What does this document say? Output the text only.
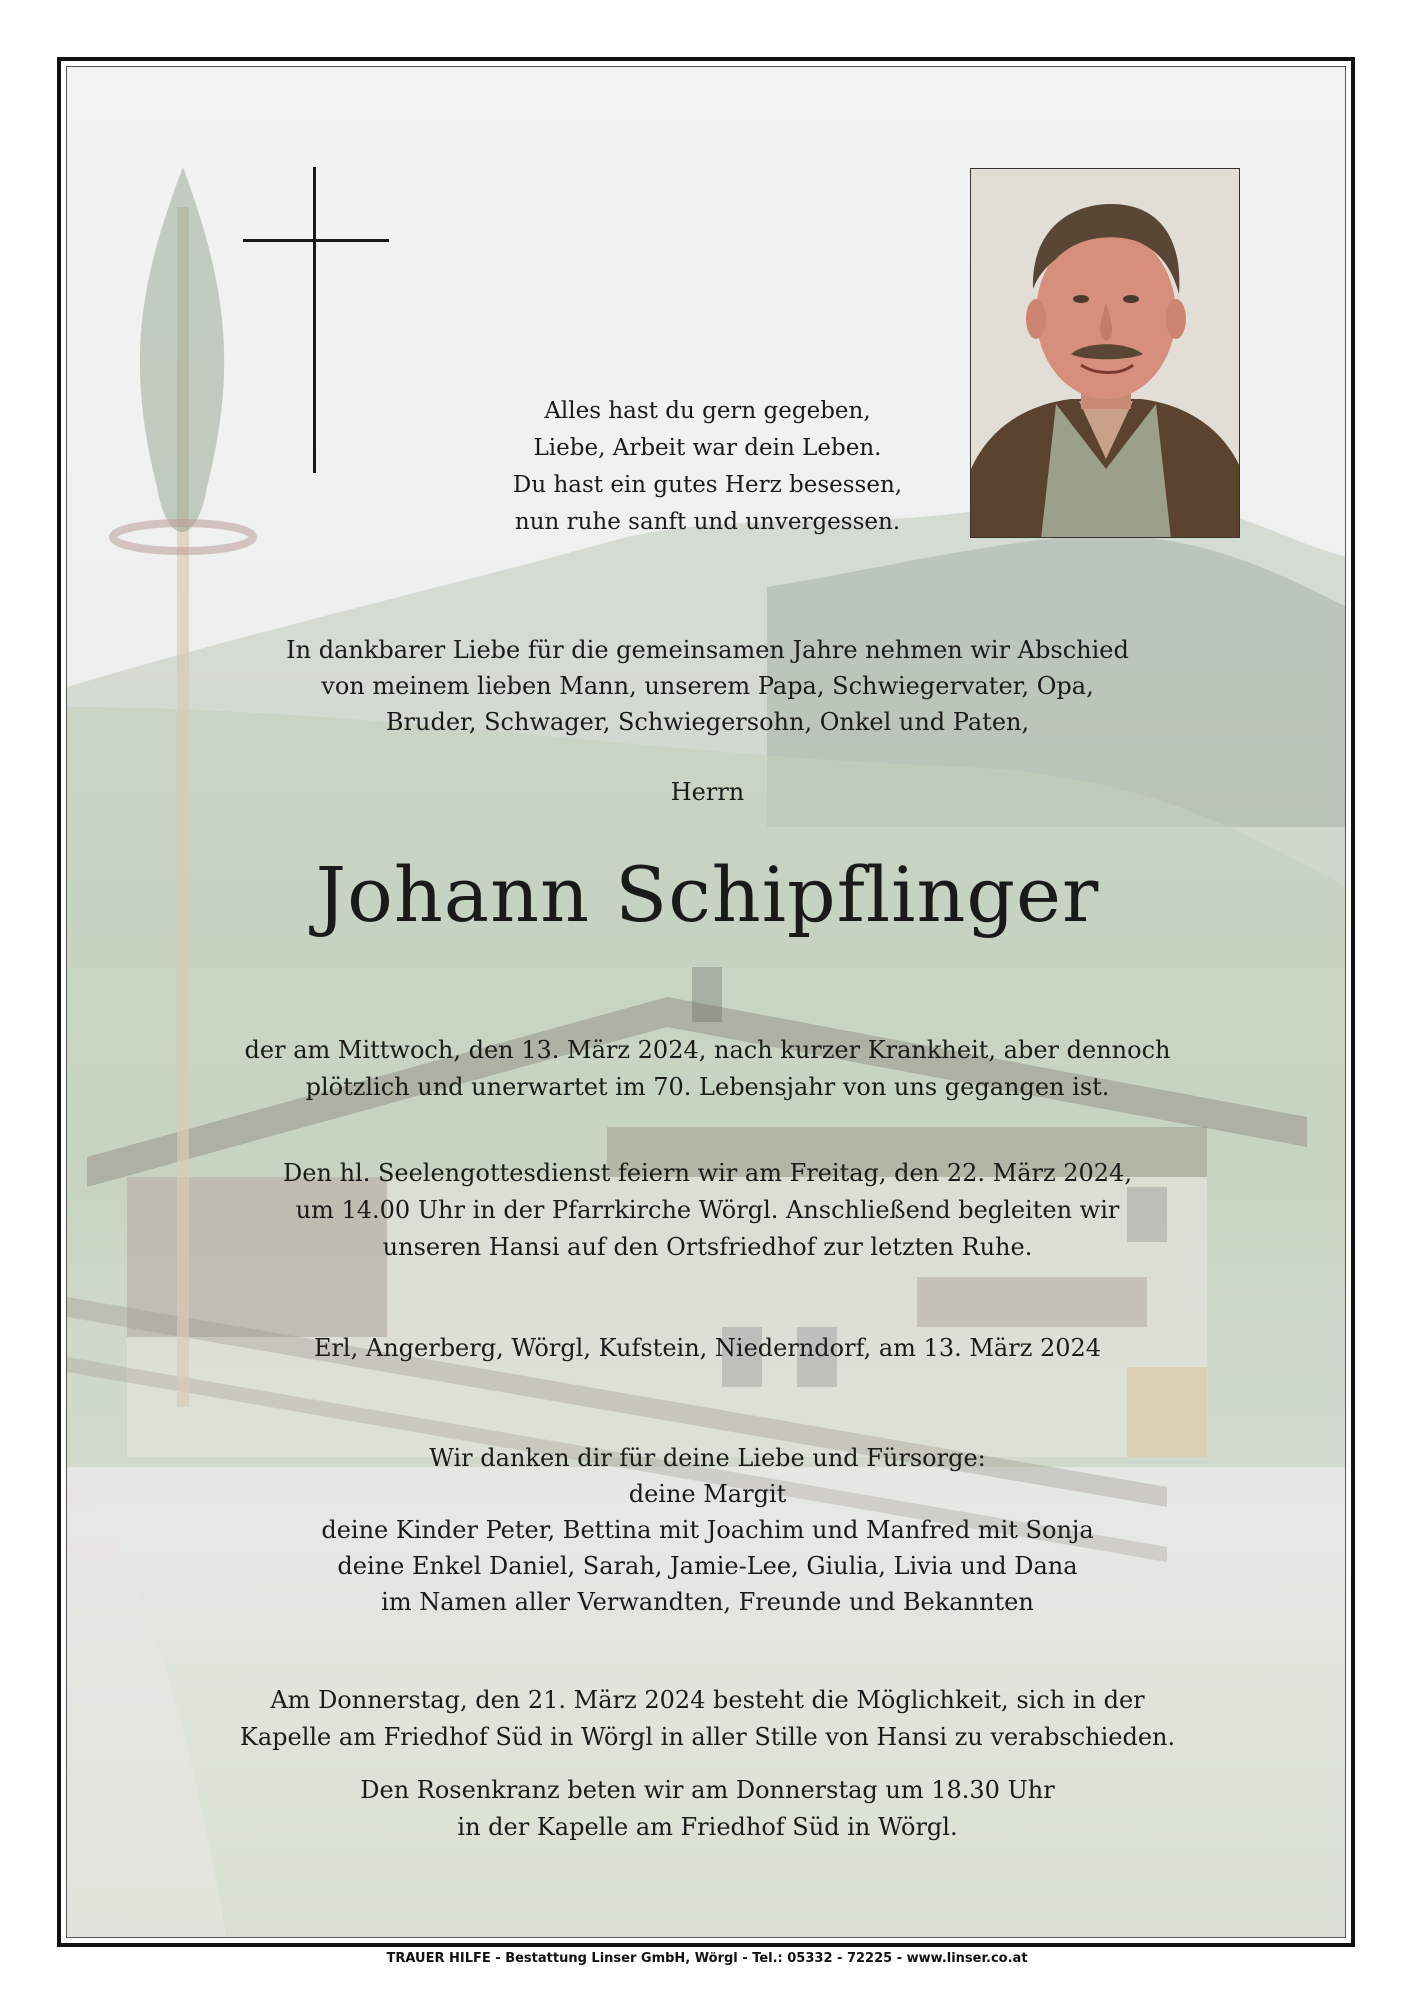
Alles hast du gern gegeben,
Liebe, Arbeit war dein Leben.
Du hast ein gutes Herz besessen,
nun ruhe sanft und unvergessen.
In dankbarer Liebe für die gemeinsamen Jahre nehmen wir Abschied
von meinem lieben Mann, unserem Papa, Schwiegervater, Opa,
Bruder, Schwager, Schwiegersohn, Onkel und Paten,
Herrn
Johann Schipflinger
der am Mittwoch, den 13. März 2024, nach kurzer Krankheit, aber dennoch
plötzlich und unerwartet im 70. Lebensjahr von uns gegangen ist.
Den hl. Seelengottesdienst feiern wir am Freitag, den 22. März 2024,
um 14.00 Uhr in der Pfarrkirche Wörgl. Anschließend begleiten wir
unseren Hansi auf den Ortsfriedhof zur letzten Ruhe.
Erl, Angerberg, Wörgl, Kufstein, Niederndorf, am 13. März 2024
Wir danken dir für deine Liebe und Fürsorge:
deine Margit
deine Kinder Peter, Bettina mit Joachim und Manfred mit Sonja
deine Enkel Daniel, Sarah, Jamie-Lee, Giulia, Livia und Dana
im Namen aller Verwandten, Freunde und Bekannten
Am Donnerstag, den 21. März 2024 besteht die Möglichkeit, sich in der
Kapelle am Friedhof Süd in Wörgl in aller Stille von Hansi zu verabschieden.
Den Rosenkranz beten wir am Donnerstag um 18.30 Uhr
in der Kapelle am Friedhof Süd in Wörgl.
TRAUER HILFE - Bestattung Linser GmbH, Wörgl - Tel.: 05332 - 72225 - www.linser.co.at
